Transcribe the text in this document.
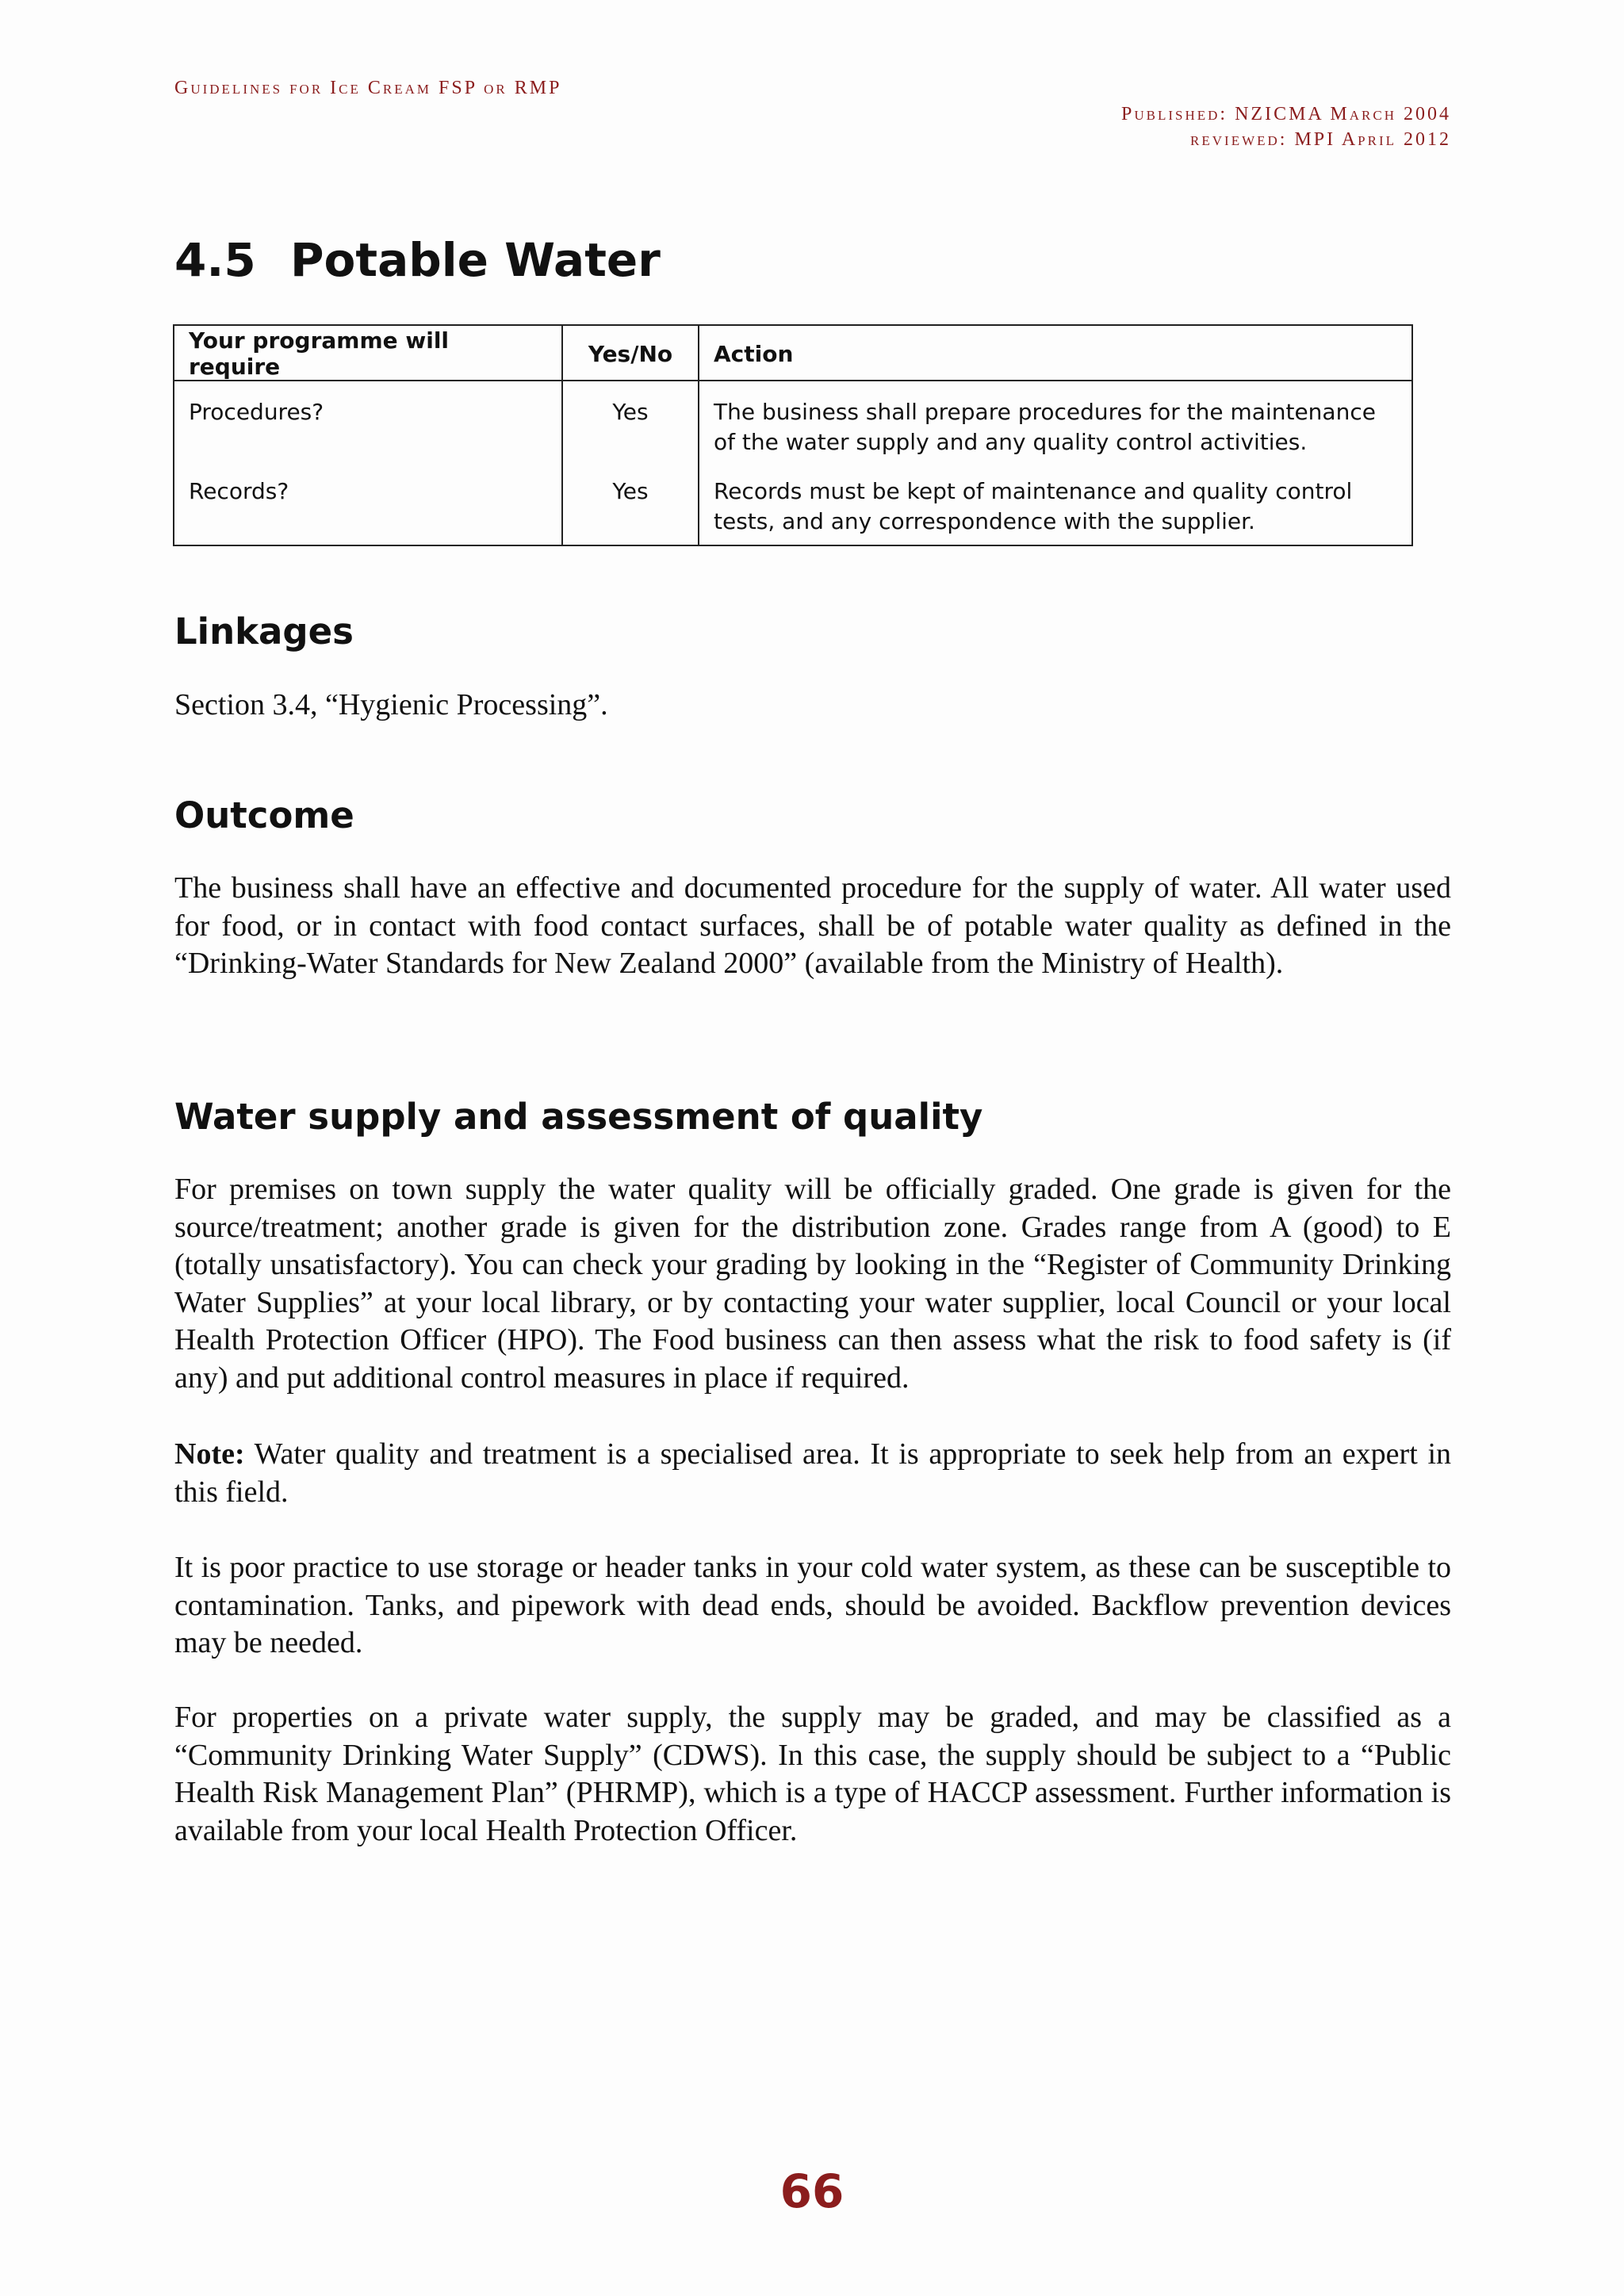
Guidelines for Ice Cream FSP or RMP
Published: NZICMA March 2004
reviewed: MPI April 2012
4.5 Potable Water
Your programme will require	Yes/No	Action
Procedures?	Yes	The business shall prepare procedures for the maintenance of the water supply and any quality control activities.
Records?	Yes	Records must be kept of maintenance and quality control tests, and any correspondence with the supplier.
Linkages

Section 3.4, “Hygienic Processing”.

Outcome

The business shall have an effective and documented procedure for the supply of water. All water used for food, or in contact with food contact surfaces, shall be of potable water quality as defined in the “Drinking-Water Standards for New Zealand 2000” (available from the Ministry of Health).

Water supply and assessment of quality

For premises on town supply the water quality will be officially graded. One grade is given for the source/treatment; another grade is given for the distribution zone. Grades range from A (good) to E (totally unsatisfactory). You can check your grading by looking in the “Register of Community Drinking Water Supplies” at your local library, or by contacting your water supplier, local Council or your local Health Protection Officer (HPO). The Food business can then assess what the risk to food safety is (if any) and put additional control measures in place if required.

Note: Water quality and treatment is a specialised area. It is appropriate to seek help from an expert in this field.

It is poor practice to use storage or header tanks in your cold water system, as these can be susceptible to contamination. Tanks, and pipework with dead ends, should be avoided. Backflow prevention devices may be needed.

For properties on a private water supply, the supply may be graded, and may be classified as a “Community Drinking Water Supply” (CDWS). In this case, the supply should be subject to a “Public Health Risk Management Plan” (PHRMP), which is a type of HACCP assessment. Further information is available from your local Health Protection Officer.

66
